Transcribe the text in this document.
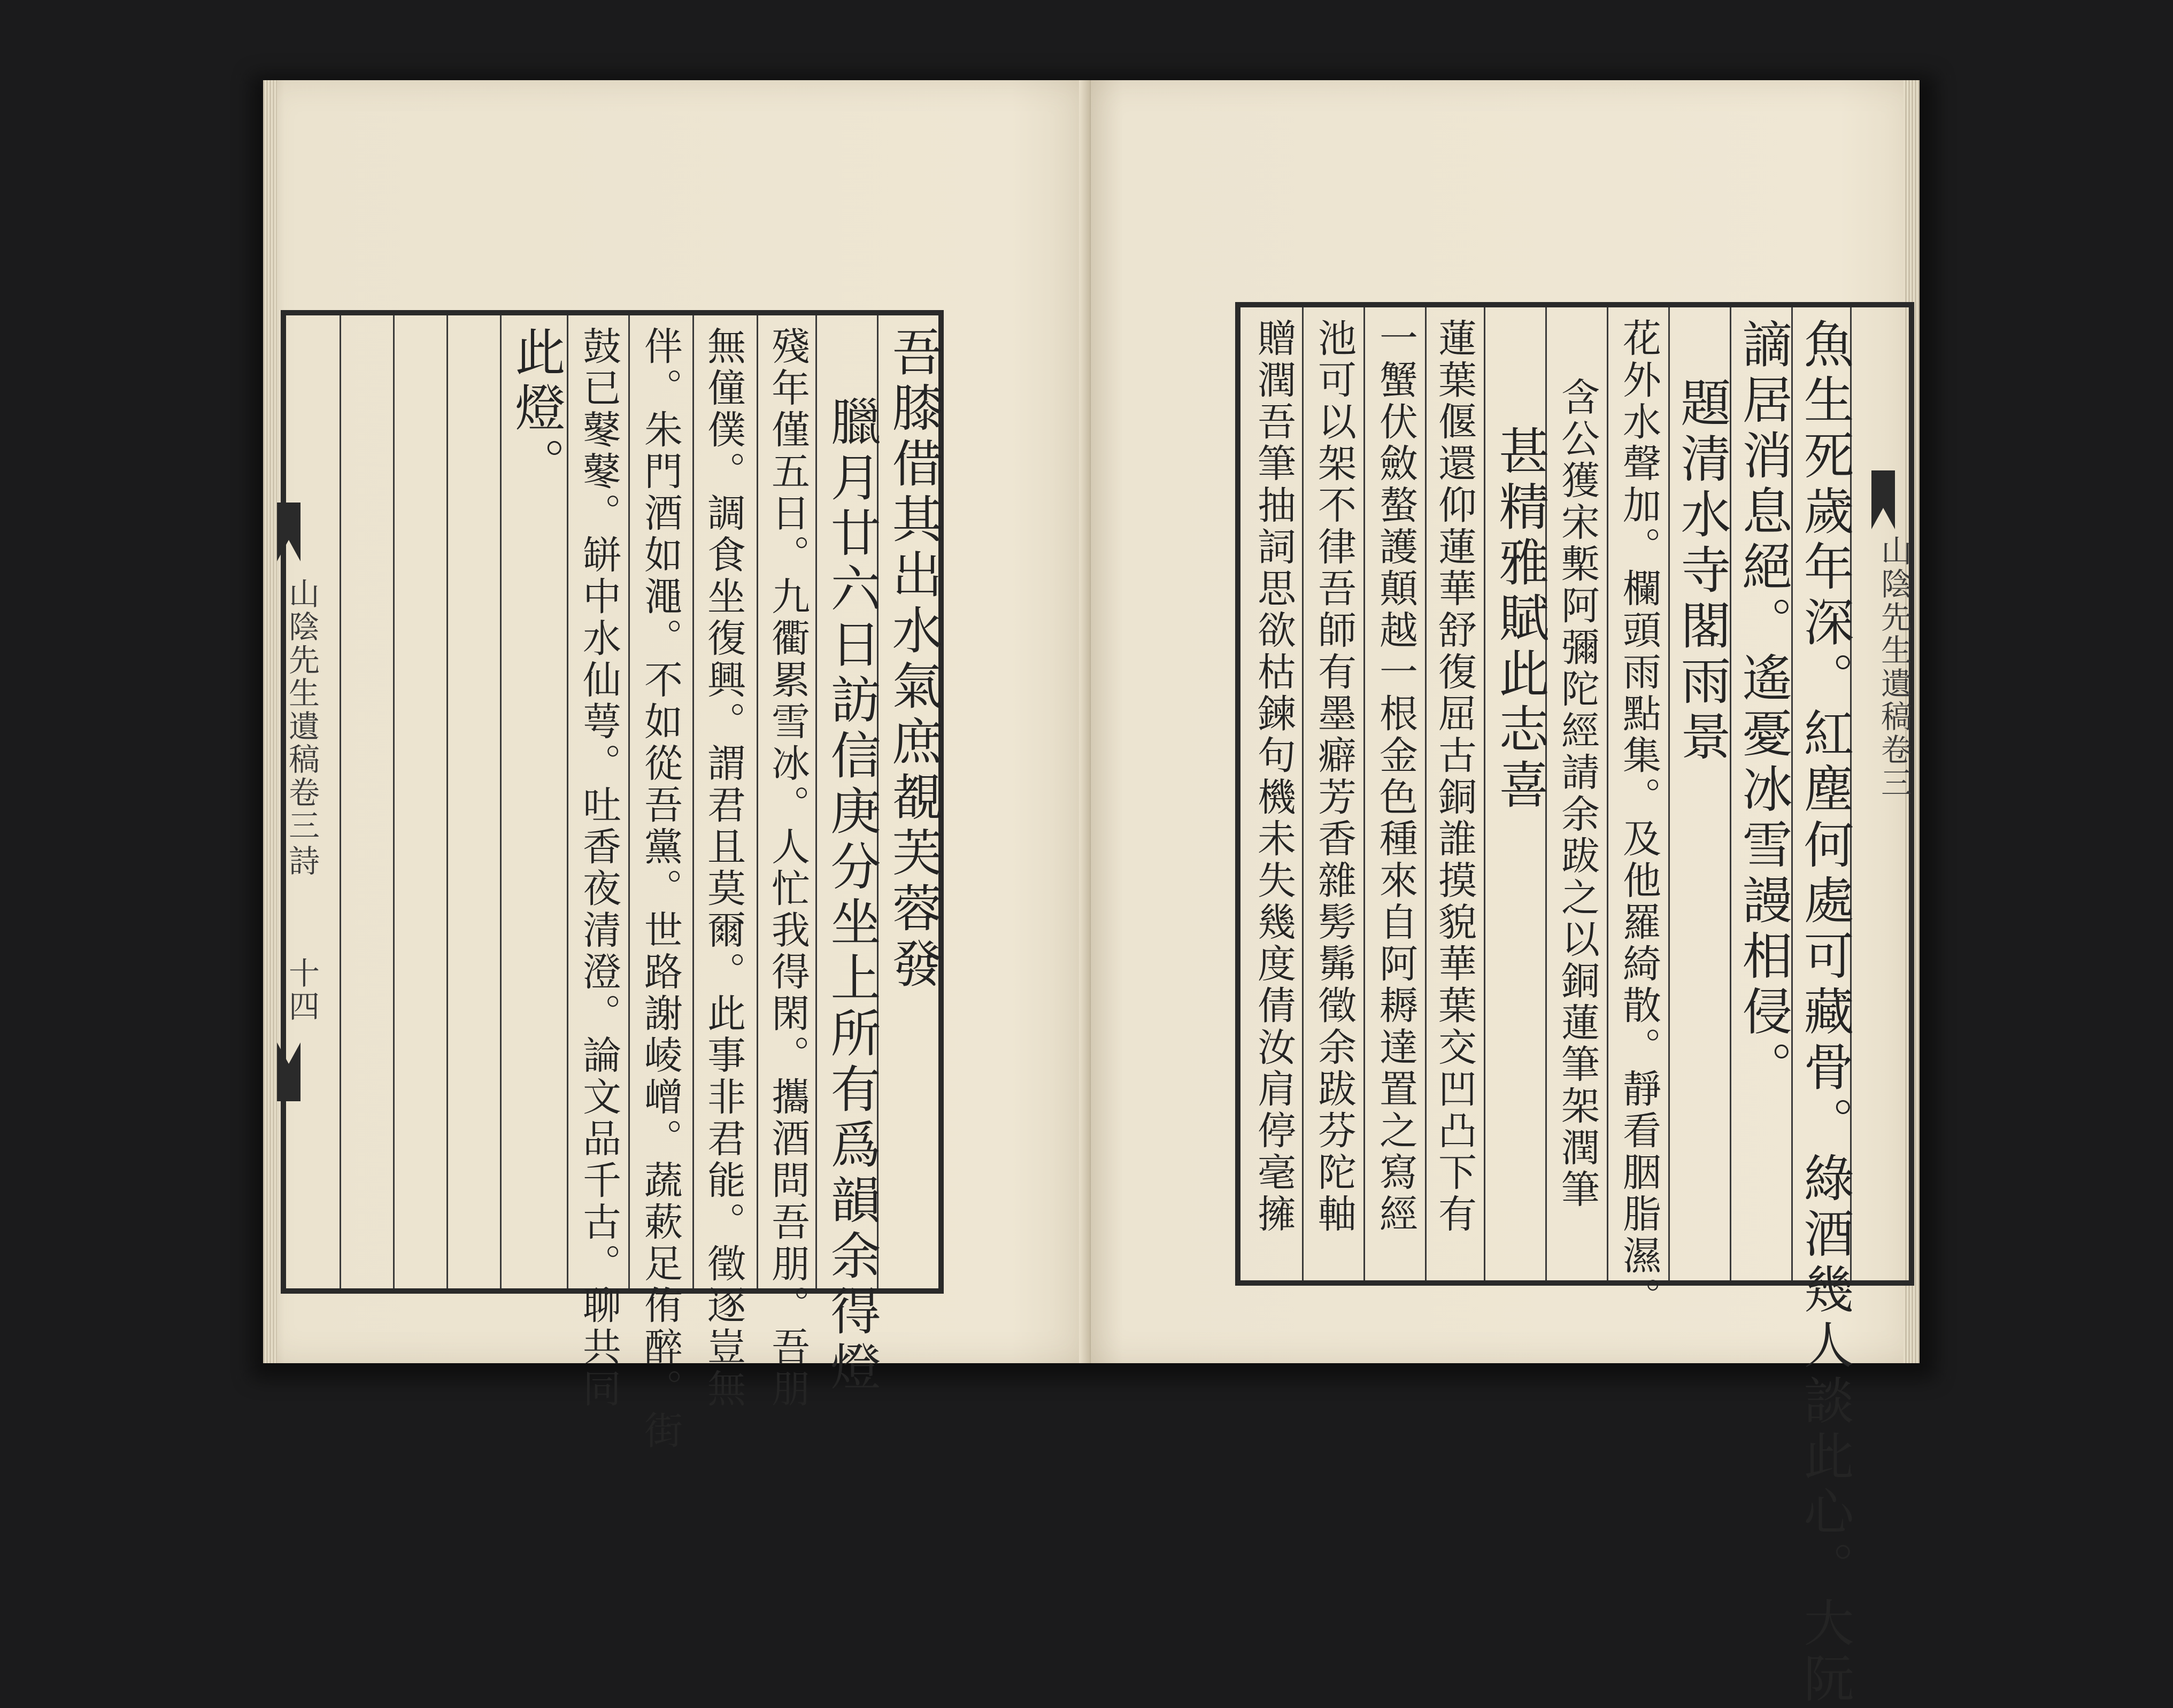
吾膝借其出水氣庶覩芙蓉發
臘月廿六日訪信庚分坐上所有爲韻余得燈
殘年僅五日。九衢累雪冰。人忙我得閑。攜酒問吾朋。吾朋
無僮僕。調食坐復興。謂君且莫爾。此事非君能。徵逐豈無
伴。朱門酒如澠。不如從吾黨。世路謝崚嶒。蔬蔌足侑醉。街
鼓已鼕鼕。缾中水仙萼。吐香夜清澄。論文品千古。聊共同
此燈。
山陰先生遺稿卷三
詩
十四	魚生死歲年深。紅塵何處可藏骨。綠酒幾人談此心。大阮
謫居消息絕。遙憂冰雪謾相侵。
題清水寺閣雨景
花外水聲加。欄頭雨點集。及他羅綺散。靜看胭脂濕。
含公獲宋槧阿彌陀經請余跋之以銅蓮筆架潤筆
甚精雅賦此志喜
蓮葉偃還仰蓮華舒復屈古銅誰摸貌華葉交凹凸下有
一蟹伏斂螯護顛越一根金色種來自阿耨達置之寫經
池可以架不律吾師有墨癖芳香雜髣髴徵余跋芬陀軸
贈潤吾筆抽詞思欲枯鍊句機未失幾度倩汝肩停毫擁	山陰先生遺稿卷三
